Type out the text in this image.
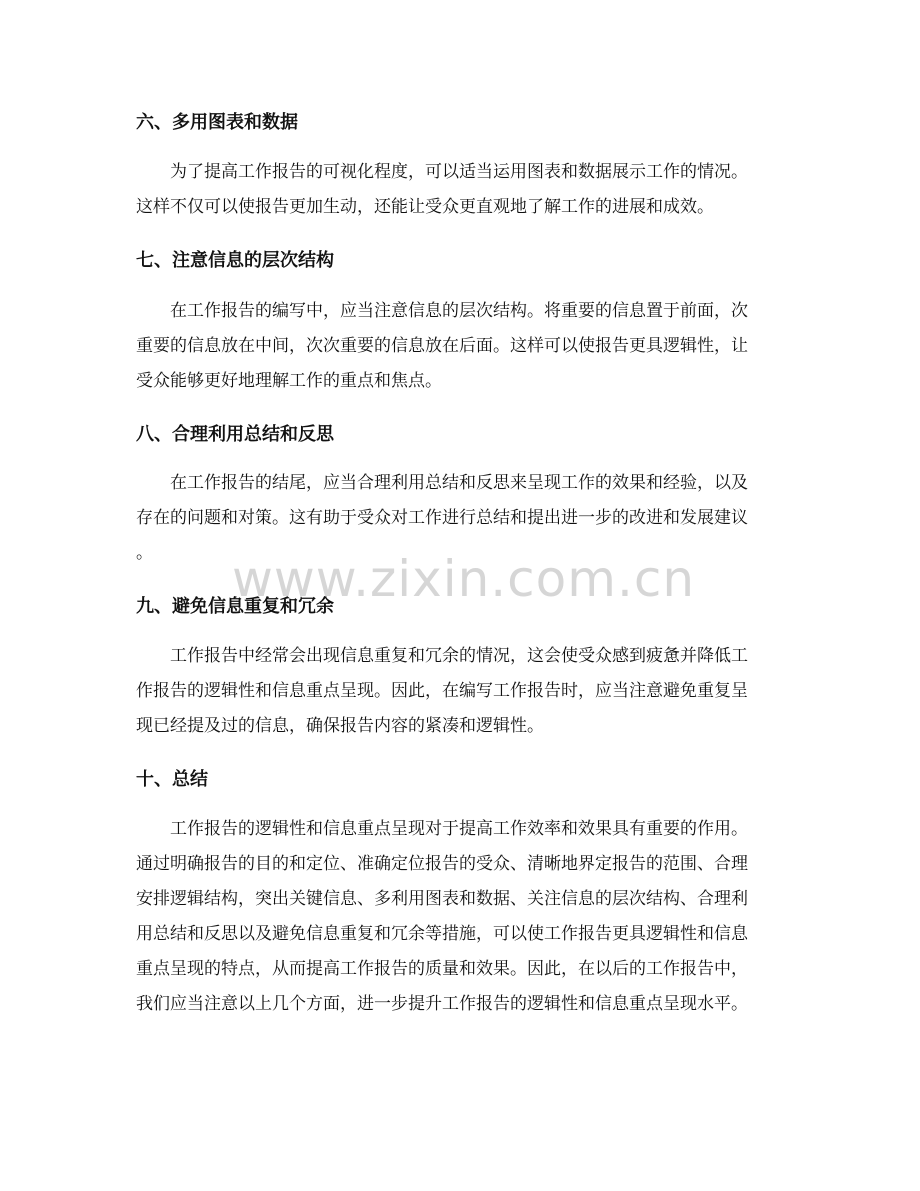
六、多用图表和数据
　　为了提高工作报告的可视化程度，可以适当运用图表和数据展示工作的情况。
这样不仅可以使报告更加生动，还能让受众更直观地了解工作的进展和成效。
七、注意信息的层次结构
　　在工作报告的编写中，应当注意信息的层次结构。将重要的信息置于前面，次
重要的信息放在中间，次次重要的信息放在后面。这样可以使报告更具逻辑性，让
受众能够更好地理解工作的重点和焦点。
八、合理利用总结和反思
　　在工作报告的结尾，应当合理利用总结和反思来呈现工作的效果和经验，以及
存在的问题和对策。这有助于受众对工作进行总结和提出进一步的改进和发展建议
。	www.zixin.com.cn
九、避免信息重复和冗余
　　工作报告中经常会出现信息重复和冗余的情况，这会使受众感到疲惫并降低工
作报告的逻辑性和信息重点呈现。因此，在编写工作报告时，应当注意避免重复呈
现已经提及过的信息，确保报告内容的紧凑和逻辑性。
十、总结
　　工作报告的逻辑性和信息重点呈现对于提高工作效率和效果具有重要的作用。
通过明确报告的目的和定位、准确定位报告的受众、清晰地界定报告的范围、合理
安排逻辑结构，突出关键信息、多利用图表和数据、关注信息的层次结构、合理利
用总结和反思以及避免信息重复和冗余等措施，可以使工作报告更具逻辑性和信息
重点呈现的特点，从而提高工作报告的质量和效果。因此，在以后的工作报告中，
我们应当注意以上几个方面，进一步提升工作报告的逻辑性和信息重点呈现水平。
